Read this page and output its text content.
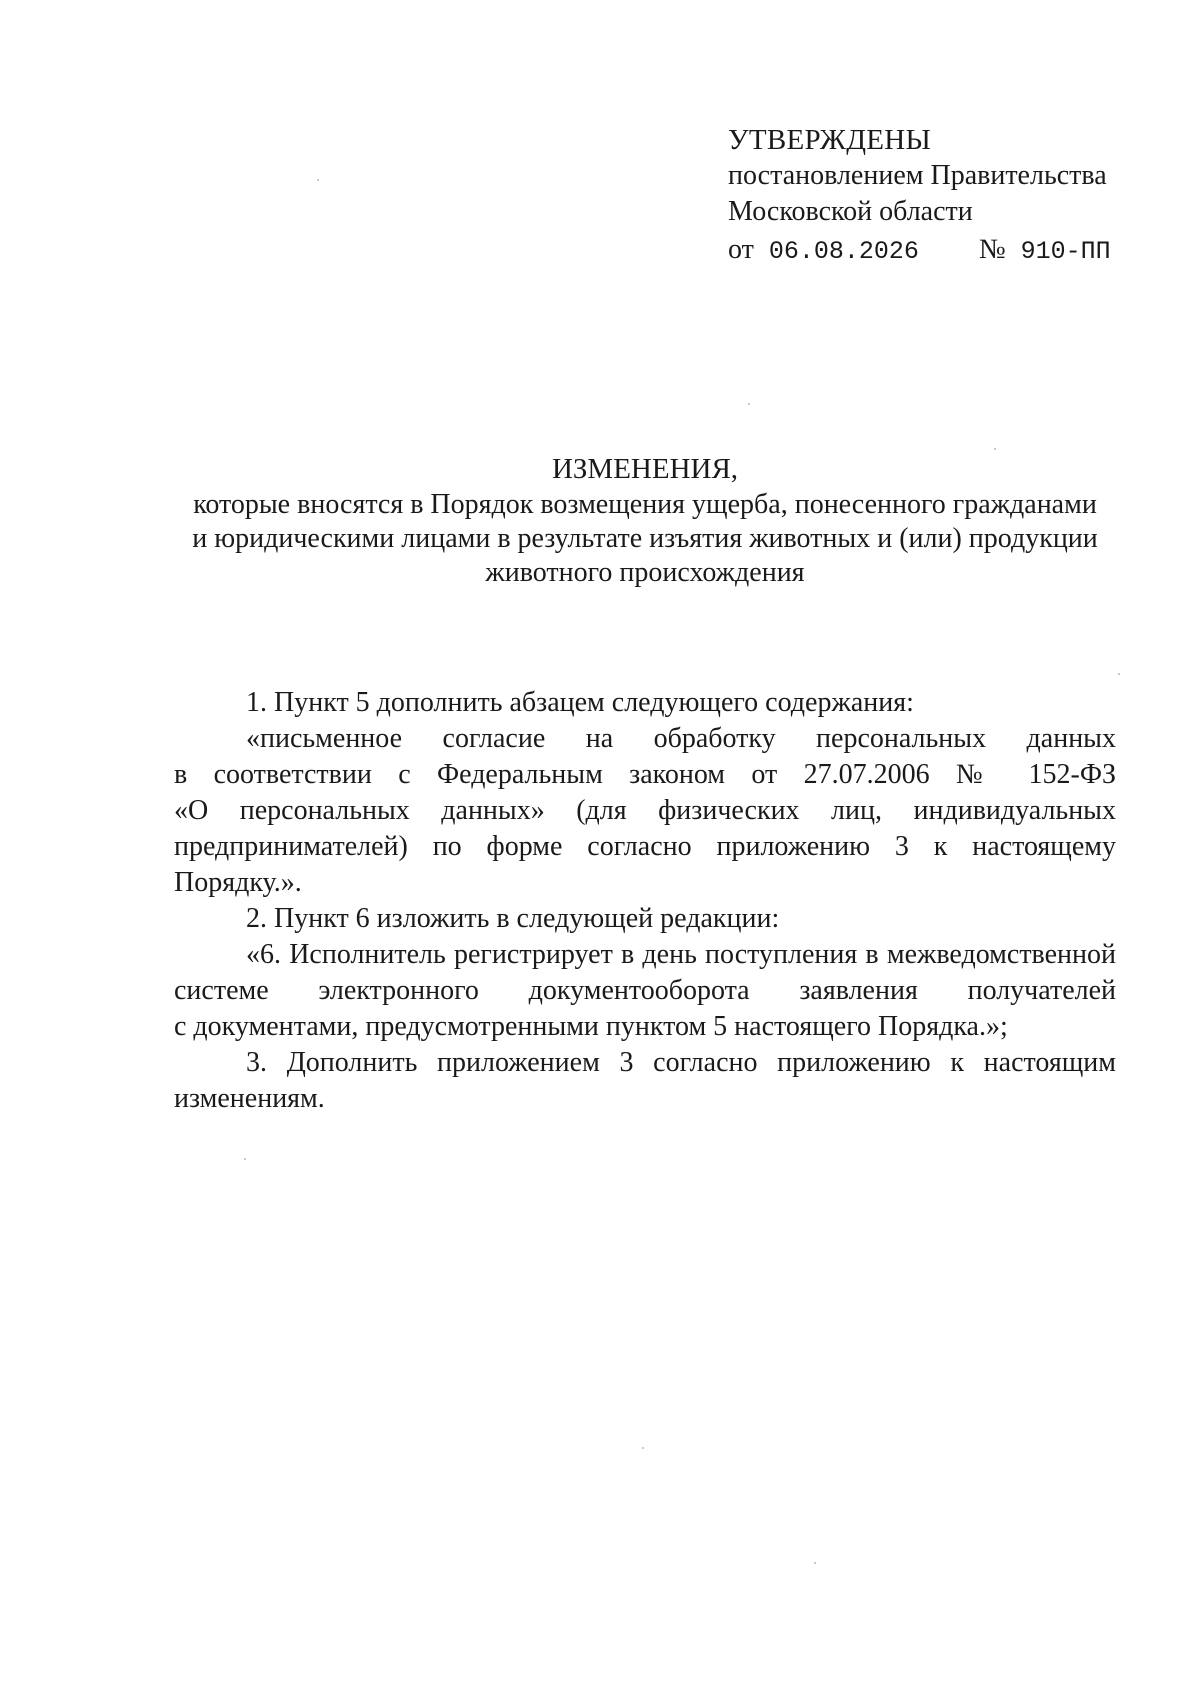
УТВЕРЖДЕНЫ
постановлением Правительства
Московской области
от 06.08.2026 № 910-ПП
ИЗМЕНЕНИЯ,
которые вносятся в Порядок возмещения ущерба, понесенного гражданами
и юридическими лицами в результате изъятия животных и (или) продукции
животного происхождения

1. Пункт 5 дополнить абзацем следующего содержания:

«письменное согласие на обработку персональных данных

в соответствии с Федеральным законом от 27.07.2006 № 152-ФЗ

«О персональных данных» (для физических лиц, индивидуальных

предпринимателей) по форме согласно приложению 3 к настоящему

Порядку.».

2. Пункт 6 изложить в следующей редакции:

«6. Исполнитель регистрирует в день поступления в межведомственной

системе электронного документооборота заявления получателей

с документами, предусмотренными пунктом 5 настоящего Порядка.»;

3. Дополнить приложением 3 согласно приложению к настоящим

изменениям.
